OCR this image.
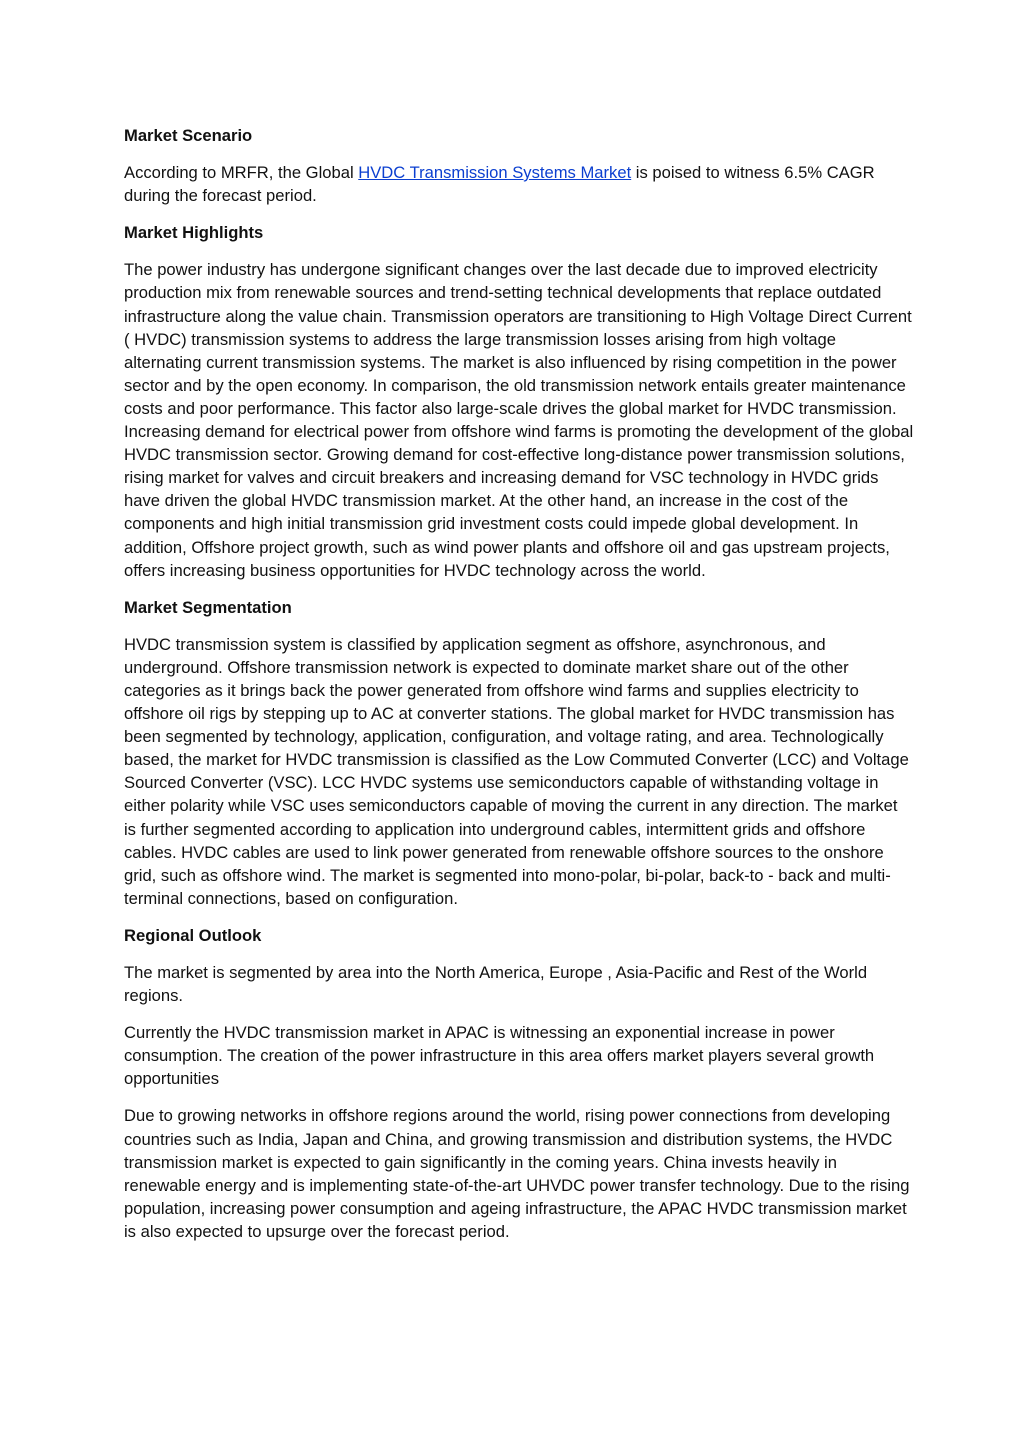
Market Scenario

According to MRFR, the Global HVDC Transmission Systems Market is poised to witness 6.5% CAGR during the forecast period.

Market Highlights

The power industry has undergone significant changes over the last decade due to improved electricity production mix from renewable sources and trend-setting technical developments that replace outdated infrastructure along the value chain. Transmission operators are transitioning to High Voltage Direct Current ( HVDC) transmission systems to address the large transmission losses arising from high voltage alternating current transmission systems. The market is also influenced by rising competition in the power sector and by the open economy. In comparison, the old transmission network entails greater maintenance costs and poor performance. This factor also large-scale drives the global market for HVDC transmission. Increasing demand for electrical power from offshore wind farms is promoting the development of the global HVDC transmission sector. Growing demand for cost-effective long-distance power transmission solutions, rising market for valves and circuit breakers and increasing demand for VSC technology in HVDC grids have driven the global HVDC transmission market. At the other hand, an increase in the cost of the components and high initial transmission grid investment costs could impede global development. In addition, Offshore project growth, such as wind power plants and offshore oil and gas upstream projects, offers increasing business opportunities for HVDC technology across the world.

Market Segmentation

HVDC transmission system is classified by application segment as offshore, asynchronous, and underground. Offshore transmission network is expected to dominate market share out of the other categories as it brings back the power generated from offshore wind farms and supplies electricity to offshore oil rigs by stepping up to AC at converter stations. The global market for HVDC transmission has been segmented by technology, application, configuration, and voltage rating, and area. Technologically based, the market for HVDC transmission is classified as the Low Commuted Converter (LCC) and Voltage Sourced Converter (VSC). LCC HVDC systems use semiconductors capable of withstanding voltage in either polarity while VSC uses semiconductors capable of moving the current in any direction. The market is further segmented according to application into underground cables, intermittent grids and offshore cables. HVDC cables are used to link power generated from renewable offshore sources to the onshore grid, such as offshore wind. The market is segmented into mono-polar, bi-polar, back-to - back and multi-terminal connections, based on configuration.

Regional Outlook

The market is segmented by area into the North America, Europe , Asia-Pacific and Rest of the World regions.

Currently the HVDC transmission market in APAC is witnessing an exponential increase in power consumption. The creation of the power infrastructure in this area offers market players several growth opportunities

Due to growing networks in offshore regions around the world, rising power connections from developing countries such as India, Japan and China, and growing transmission and distribution systems, the HVDC transmission market is expected to gain significantly in the coming years. China invests heavily in renewable energy and is implementing state-of-the-art UHVDC power transfer technology. Due to the rising population, increasing power consumption and ageing infrastructure, the APAC HVDC transmission market is also expected to upsurge over the forecast period.
